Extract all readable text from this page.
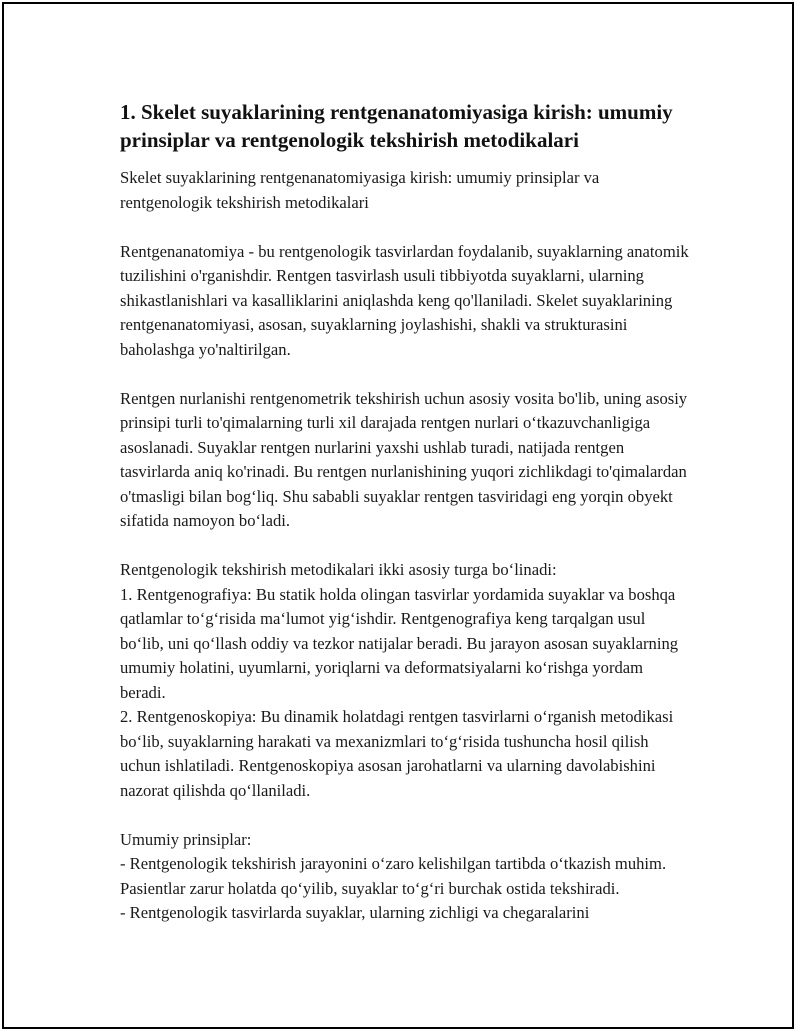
1. Skelet suyaklarining rentgenanatomiyasiga kirish: umumiy prinsiplar va rentgenologik tekshirish metodikalari

Skelet suyaklarining rentgenanatomiyasiga kirish: umumiy prinsiplar va rentgenologik tekshirish metodikalari

Rentgenanatomiya - bu rentgenologik tasvirlardan foydalanib, suyaklarning anatomik tuzilishini o'rganishdir. Rentgen tasvirlash usuli tibbiyotda suyaklarni, ularning shikastlanishlari va kasalliklarini aniqlashda keng qo'llaniladi. Skelet suyaklarining rentgenanatomiyasi, asosan, suyaklarning joylashishi, shakli va strukturasini baholashga yo'naltirilgan.

Rentgen nurlanishi rentgenometrik tekshirish uchun asosiy vosita bo'lib, uning asosiy prinsipi turli to'qimalarning turli xil darajada rentgen nurlari o‘tkazuvchanligiga asoslanadi. Suyaklar rentgen nurlarini yaxshi ushlab turadi, natijada rentgen tasvirlarda aniq ko'rinadi. Bu rentgen nurlanishining yuqori zichlikdagi to'qimalardan o'tmasligi bilan bog‘liq. Shu sababli suyaklar rentgen tasviridagi eng yorqin obyekt sifatida namoyon bo‘ladi.

Rentgenologik tekshirish metodikalari ikki asosiy turga bo‘linadi:

1. Rentgenografiya: Bu statik holda olingan tasvirlar yordamida suyaklar va boshqa qatlamlar to‘g‘risida ma‘lumot yig‘ishdir. Rentgenografiya keng tarqalgan usul bo‘lib, uni qo‘llash oddiy va tezkor natijalar beradi. Bu jarayon asosan suyaklarning umumiy holatini, uyumlarni, yoriqlarni va deformatsiyalarni ko‘rishga yordam beradi.

2. Rentgenoskopiya: Bu dinamik holatdagi rentgen tasvirlarni o‘rganish metodikasi bo‘lib, suyaklarning harakati va mexanizmlari to‘g‘risida tushuncha hosil qilish uchun ishlatiladi. Rentgenoskopiya asosan jarohatlarni va ularning davolabishini nazorat qilishda qo‘llaniladi.

Umumiy prinsiplar:

- Rentgenologik tekshirish jarayonini o‘zaro kelishilgan tartibda o‘tkazish muhim. Pasientlar zarur holatda qo‘yilib, suyaklar to‘g‘ri burchak ostida tekshiradi.

- Rentgenologik tasvirlarda suyaklar, ularning zichligi va chegaralarini
